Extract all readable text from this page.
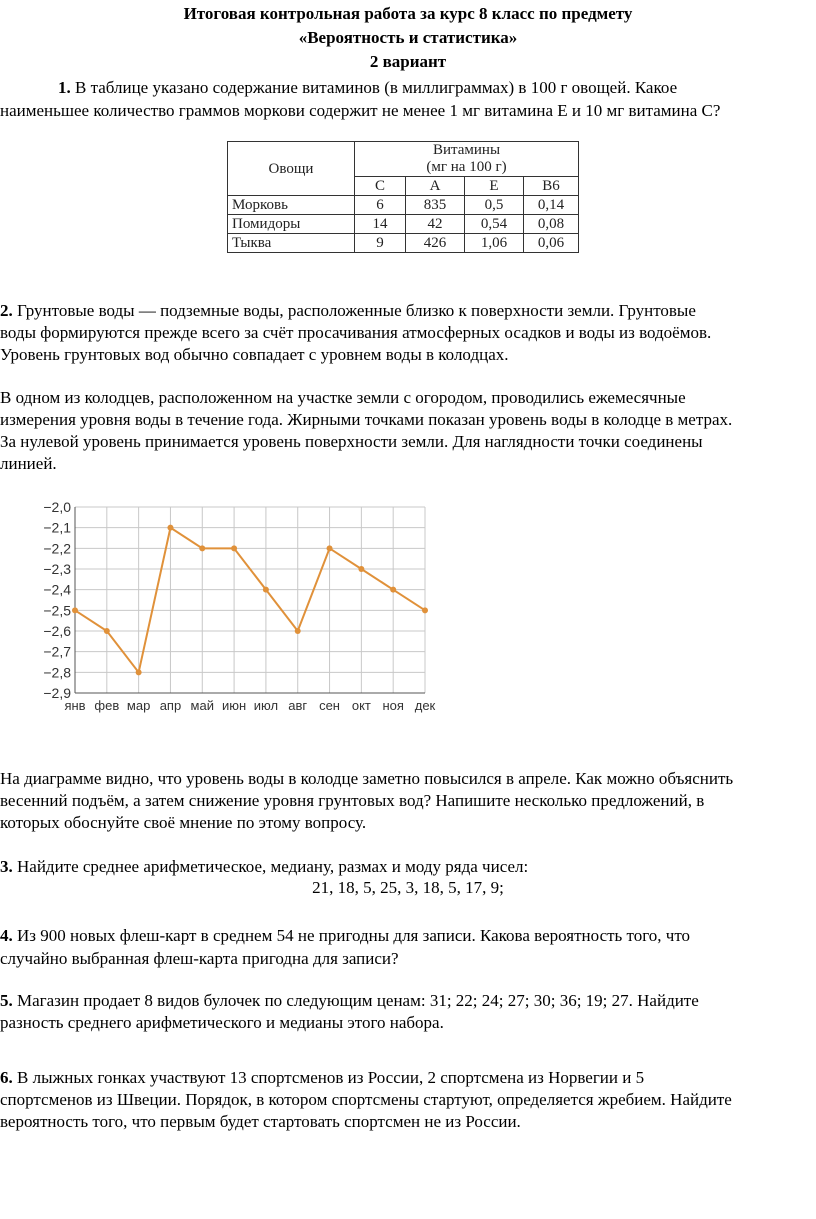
Итоговая контрольная работа за курс 8 класс по предмету
«Вероятность и статистика»
2 вариант
1. В таблице указано содержание витаминов (в миллиграммах) в 100 г овощей. Какое
наименьшее количество граммов моркови содержит не менее 1 мг витамина Е и 10 мг витамина С?
Овощи	Витамины
(мг на 100 г)			

	С	А	Е	В6
Морковь	6	835	0,5	0,14
Помидоры	14	42	0,54	0,08
Тыква	9	426	1,06	0,06
2. Грунтовые воды — подземные воды, расположенные близко к поверхности земли. Грунтовые
воды формируются прежде всего за счёт просачивания атмосферных осадков и воды из водоёмов.
Уровень грунтовых вод обычно совпадает с уровнем воды в колодцах.
В одном из колодцев, расположенном на участке земли с огородом, проводились ежемесячные
измерения уровня воды в течение года. Жирными точками показан уровень воды в колодце в метрах.
За нулевой уровень принимается уровень поверхности земли. Для наглядности точки соединены
линией.
−2,0
−2,1
−2,2
−2,3
−2,4
−2,5
−2,6
−2,7
−2,8
−2,9
янв фев мар апр май июн июл авг сен окт ноя дек
На диаграмме видно, что уровень воды в колодце заметно повысился в апреле. Как можно объяснить
весенний подъём, а затем снижение уровня грунтовых вод? Напишите несколько предложений, в
которых обоснуйте своё мнение по этому вопросу.
3. Найдите среднее арифметическое, медиану, размах и моду ряда чисел:
21, 18, 5, 25, 3, 18, 5, 17, 9;
4. Из 900 новых флеш-карт в среднем 54 не пригодны для записи. Какова вероятность того, что
случайно выбранная флеш-карта пригодна для записи?
5. Магазин продает 8 видов булочек по следующим ценам: 31; 22; 24; 27; 30; 36; 19; 27. Найдите
разность среднего арифметического и медианы этого набора.
6. В лыжных гонках участвуют 13 спортсменов из России, 2 спортсмена из Норвегии и 5
спортсменов из Швеции. Порядок, в котором спортсмены стартуют, определяется жребием. Найдите
вероятность того, что первым будет стартовать спортсмен не из России.
